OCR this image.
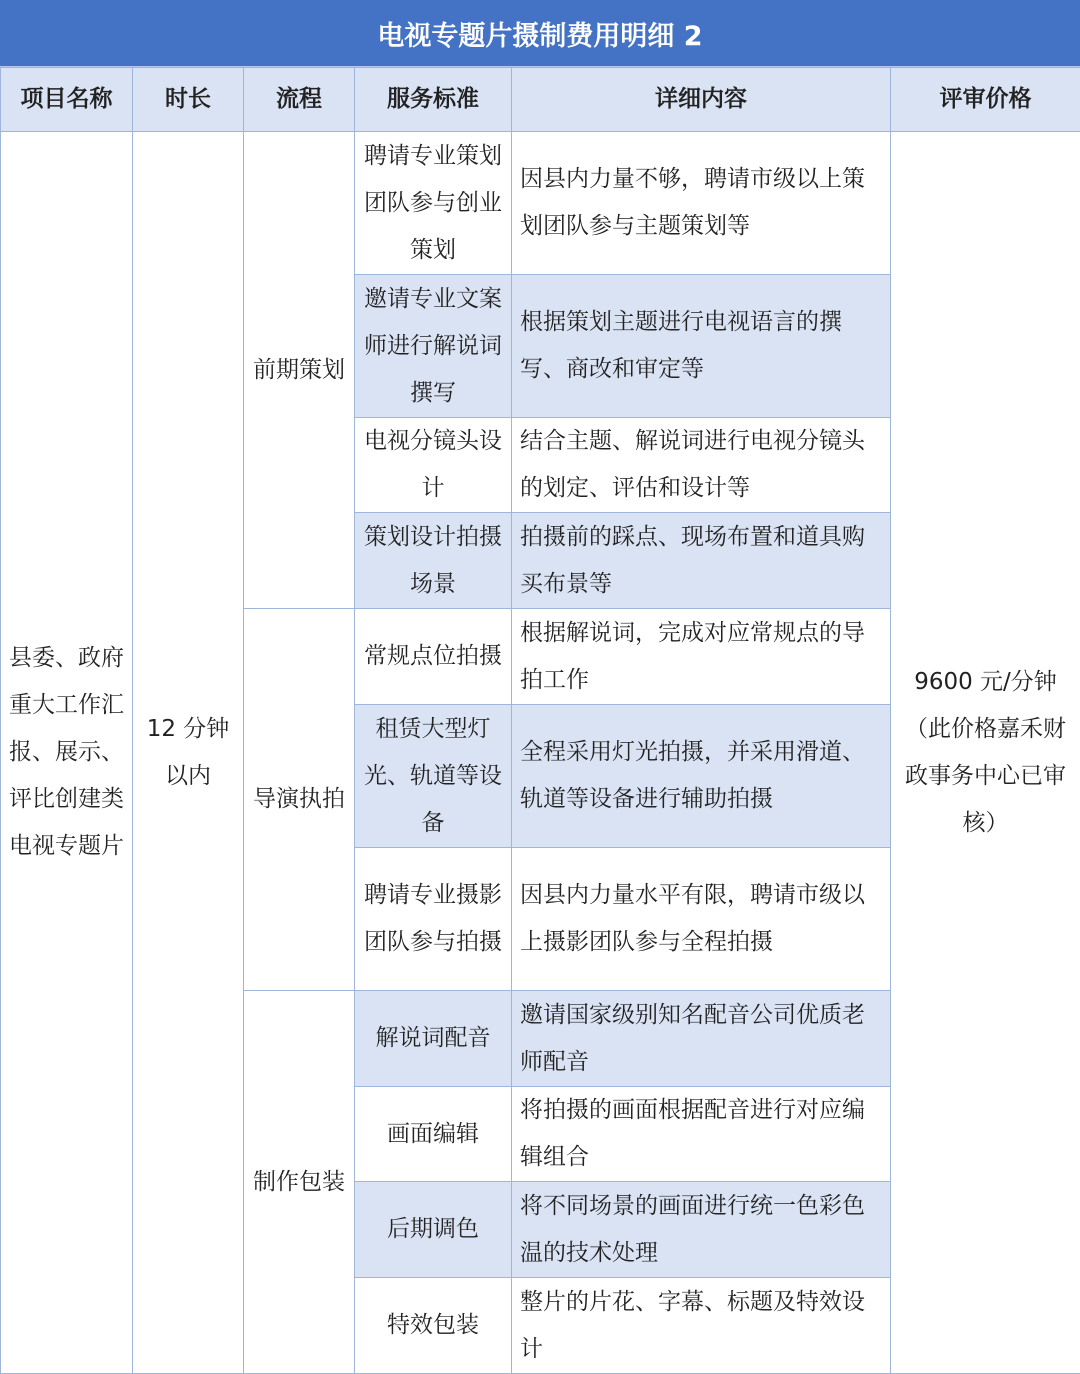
电视专题片摄制费用明细 2
项目名称	时长	流程	服务标准	详细内容	评审价格
县委、政府重大工作汇报、展示、评比创建类电视专题片	12 分钟以内	前期策划	聘请专业策划团队参与创业策划	因县内力量不够，聘请市级以上策划团队参与主题策划等	9600 元/分钟（此价格嘉禾财政事务中心已审核）
			邀请专业文案师进行解说词撰写	根据策划主题进行电视语言的撰写、商改和审定等	
			电视分镜头设计	结合主题、解说词进行电视分镜头的划定、评估和设计等	
			策划设计拍摄场景	拍摄前的踩点、现场布置和道具购买布景等	
		导演执拍	常规点位拍摄	根据解说词，完成对应常规点的导拍工作	
			租赁大型灯光、轨道等设备	全程采用灯光拍摄，并采用滑道、轨道等设备进行辅助拍摄	
			聘请专业摄影团队参与拍摄	因县内力量水平有限，聘请市级以上摄影团队参与全程拍摄	
		制作包装	解说词配音	邀请国家级别知名配音公司优质老师配音	
			画面编辑	将拍摄的画面根据配音进行对应编辑组合	
			后期调色	将不同场景的画面进行统一色彩色温的技术处理	
			特效包装	整片的片花、字幕、标题及特效设计	
